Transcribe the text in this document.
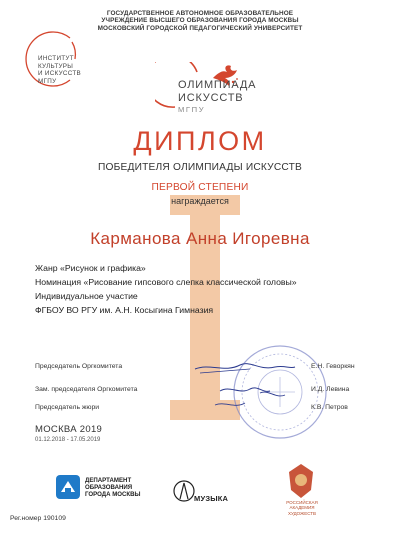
ГОСУДАРСТВЕННОЕ АВТОНОМНОЕ ОБРАЗОВАТЕЛЬНОЕ
УЧРЕЖДЕНИЕ ВЫСШЕГО ОБРАЗОВАНИЯ ГОРОДА МОСКВЫ
МОСКОВСКИЙ ГОРОДСКОЙ ПЕДАГОГИЧЕСКИЙ УНИВЕРСИТЕТ
ИНСТИТУТ
КУЛЬТУРЫ
И ИСКУССТВ
МГПУ	ОЛИМПИАДА
ИСКУССТВ
МГПУ
ДИПЛОМ
ПОБЕДИТЕЛЯ ОЛИМПИАДЫ ИСКУССТВ
ПЕРВОЙ СТЕПЕНИ
награждается
Карманова Анна Игоревна
Жанр «Рисунок и графика»
Номинация «Рисование гипсового слепка классической головы»
Индивидуальное участие
ФГБОУ ВО РГУ им. А.Н. Косыгина Гимназия
Председатель Оргкомитета	Е.Н. Геворкян
Зам. председателя Оргкомитета	И.Д. Левина
Председатель жюри	К.В. Петров
МОСКВА 2019
01.12.2018 - 17.05.2019
ДЕПАРТАМЕНТ
ОБРАЗОВАНИЯ
ГОРОДА МОСКВЫ	МУЗЫКА	РОССИЙСКАЯ
АКАДЕМИЯ ХУДОЖЕСТВ
Рег.номер 190109
